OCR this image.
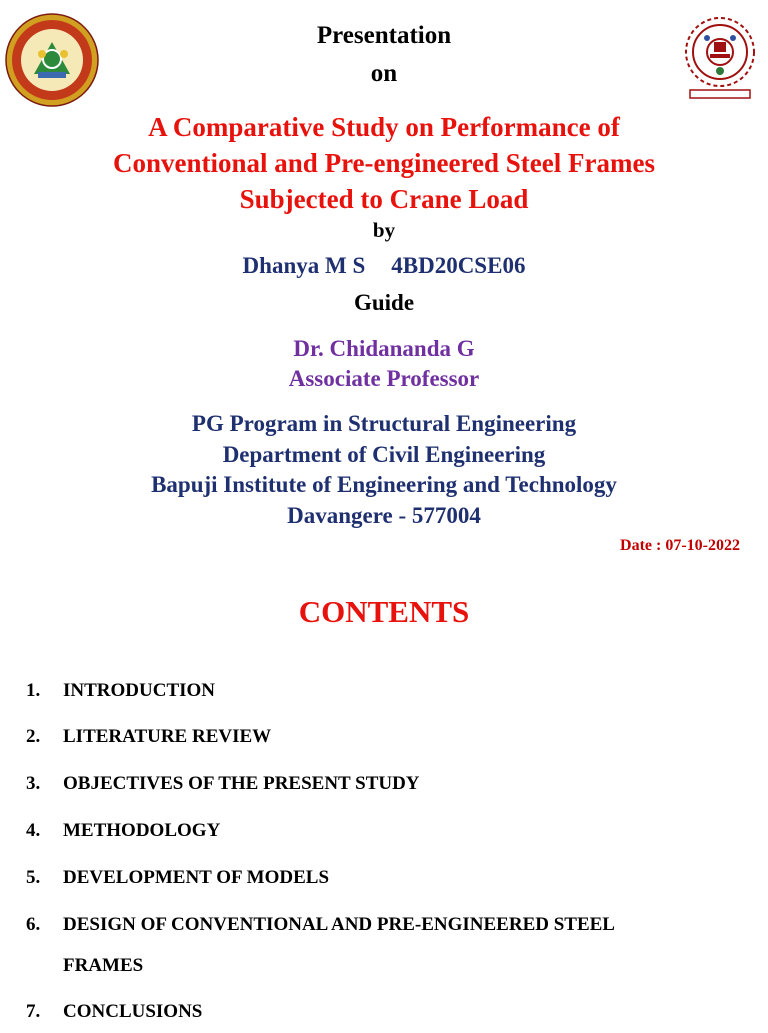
Presentation
on
A Comparative Study on Performance of
Conventional and Pre-engineered Steel Frames
Subjected to Crane Load
by
Dhanya M S 4BD20CSE06
Guide
Dr. Chidananda G
Associate Professor
PG Program in Structural Engineering
Department of Civil Engineering
Bapuji Institute of Engineering and Technology
Davangere - 577004
Date : 07-10-2022
CONTENTS
1.	INTRODUCTION
2.	LITERATURE REVIEW
3.	OBJECTIVES OF THE PRESENT STUDY
4.	METHODOLOGY
5.	DEVELOPMENT OF MODELS
6.	DESIGN OF CONVENTIONAL AND PRE-ENGINEERED STEEL
FRAMES
7.	CONCLUSIONS
